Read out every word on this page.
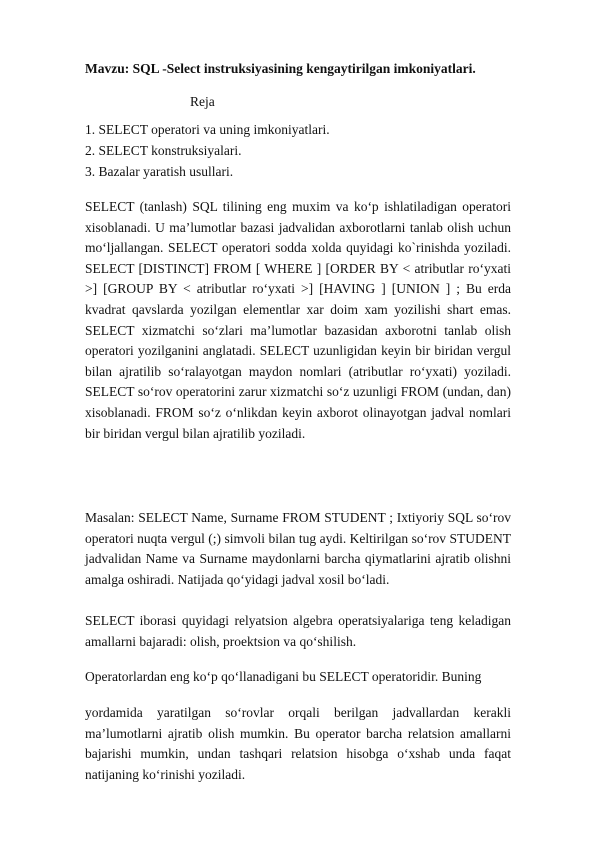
Mavzu: SQL -Select instruksiyasining kengaytirilgan imkoniyatlari.

Reja

1. SELECT operatori va uning imkoniyatlari.
2. SELECT konstruksiyalari.
3. Bazalar yaratish usullari.

SELECT (tanlash) SQL tilining eng muxim va ko‘p ishlatiladigan operatori xisoblanadi. U ma’lumotlar bazasi jadvalidan axborotlarni tanlab olish uchun mo‘ljallangan. SELECT operatori sodda xolda quyidagi ko`rinishda yoziladi. SELECT [DISTINCT] FROM [ WHERE ] [ORDER BY < atributlar ro‘yxati >] [GROUP BY < atributlar ro‘yxati >] [HAVING ] [UNION ] ; Bu erda kvadrat qavslarda yozilgan elementlar xar doim xam yozilishi shart emas. SELECT xizmatchi so‘zlari ma’lumotlar bazasidan axborotni tanlab olish operatori yozilganini anglatadi. SELECT uzunligidan keyin bir biridan vergul bilan ajratilib so‘ralayotgan maydon nomlari (atributlar ro‘yxati) yoziladi. SELECT so‘rov operatorini zarur xizmatchi so‘z uzunligi FROM (undan, dan) xisoblanadi. FROM so‘z o‘nlikdan keyin axborot olinayotgan jadval nomlari bir biridan vergul bilan ajratilib yoziladi.

Masalan: SELECT Name, Surname FROM STUDENT ; Ixtiyoriy SQL so‘rov operatori nuqta vergul (;) simvoli bilan tug aydi. Keltirilgan so‘rov STUDENT jadvalidan Name va Surname maydonlarni barcha qiymatlarini ajratib olishni amalga oshiradi. Natijada qo‘yidagi jadval xosil bo‘ladi.

SELECT iborasi quyidagi relyatsion algebra operatsiyalariga teng keladigan amallarni bajaradi: olish, proektsion va qo‘shilish.

Operatorlardan eng ko‘p qo‘llanadigani bu SELECT operatoridir. Buning

yordamida yaratilgan so‘rovlar orqali berilgan jadvallardan kerakli ma’lumotlarni ajratib olish mumkin. Bu operator barcha relatsion amallarni bajarishi mumkin, undan tashqari relatsion hisobga o‘xshab unda faqat natijaning ko‘rinishi yoziladi.
